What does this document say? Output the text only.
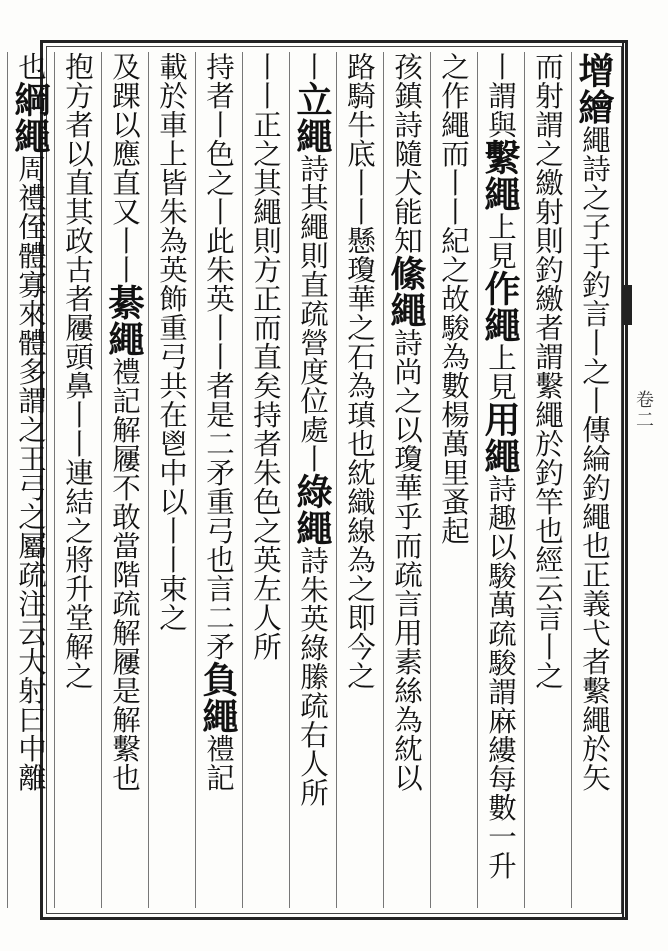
卷二
增繪繩詩之子于釣言丨之丨傳綸釣繩也正義弋者繫繩於矢
而射謂之繳射則釣繳者謂繫繩於釣竿也經云言丨之
丨謂與繫繩上見作繩上見用繩詩趣以駿萬疏駿謂麻縷每數一升
之作繩而丨丨紀之故駿為數楊萬里蚤起
孩鎮詩隨犬能知絛繩詩尚之以瓊華乎而疏言用素絲為紞以
路騎牛底丨丨懸瓊華之石為瑱也紞織線為之即今之
丨立繩詩其繩則直疏營度位處丨綠繩詩朱英綠縢疏右人所
丨丨正之其繩則方正而直矣持者朱色之英左人所
持者丨色之丨此朱英丨丨者是二矛重弓也言二矛負繩禮記
載於車上皆朱為英飾重弓共在鬯中以丨丨束之
及踝以應直又丨丨綦繩禮記解屨不敢當階疏解屨是解繫也
抱方者以直其政古者屨頭鼻丨丨連結之將升堂解之
也綱繩周禮侄體寡來體多謂之王弓之屬疏注云大射曰中離
